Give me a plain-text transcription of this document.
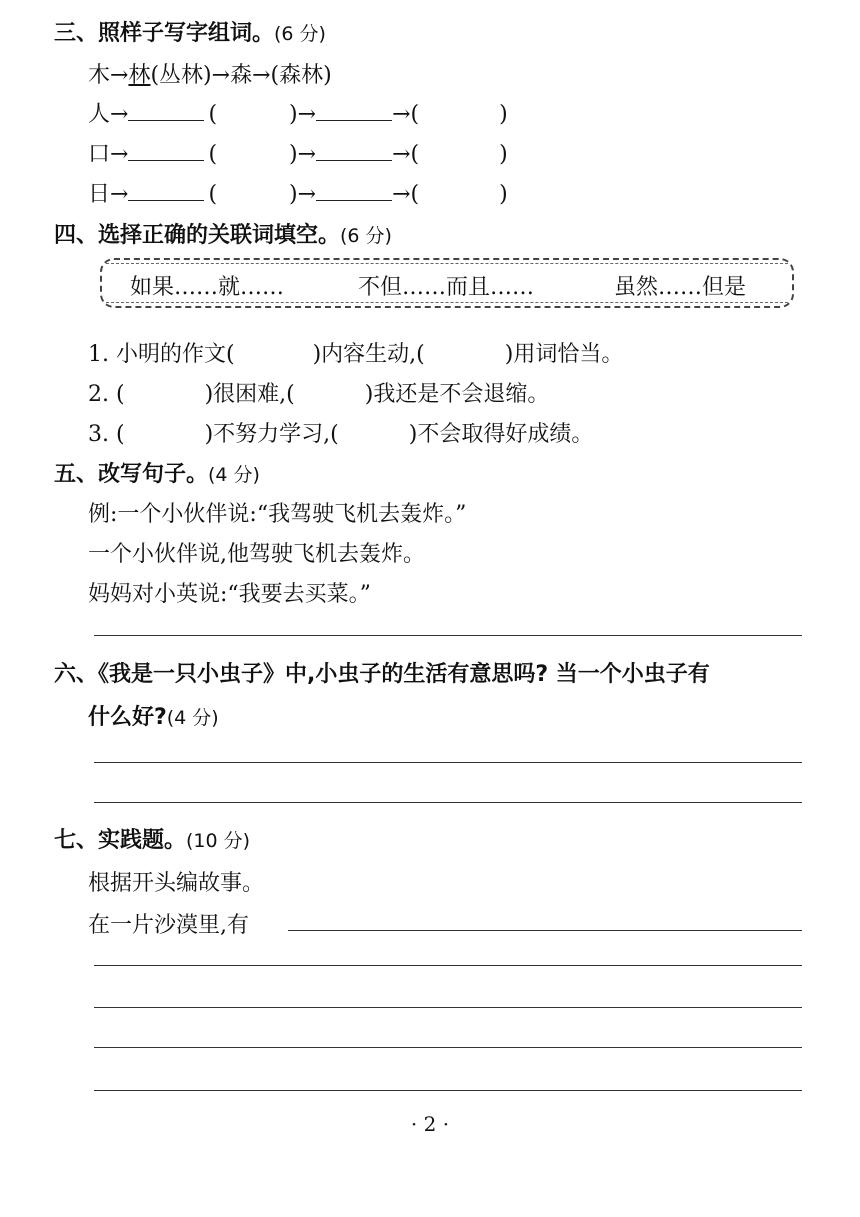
三、照样子写字组词。(6 分)
木→林(丛林)→森→(森林)
人→	(	)→	→(	)
口→	(	)→	→(	)
日→	(	)→	→(	)
四、选择正确的关联词填空。(6 分)
如果……就……	不但……而且……	虽然……但是
1. 小明的作文(	)内容生动,(	)用词恰当。
2. (	)很困难,(	)我还是不会退缩。
3. (	)不努力学习,(	)不会取得好成绩。
五、改写句子。(4 分)
例:一个小伙伴说:“我驾驶飞机去轰炸。”
一个小伙伴说,他驾驶飞机去轰炸。
妈妈对小英说:“我要去买菜。”
六、《我是一只小虫子》中,小虫子的生活有意思吗? 当一个小虫子有
什么好?(4 分)
七、实践题。(10 分)
根据开头编故事。
在一片沙漠里,有
· 2 ·
